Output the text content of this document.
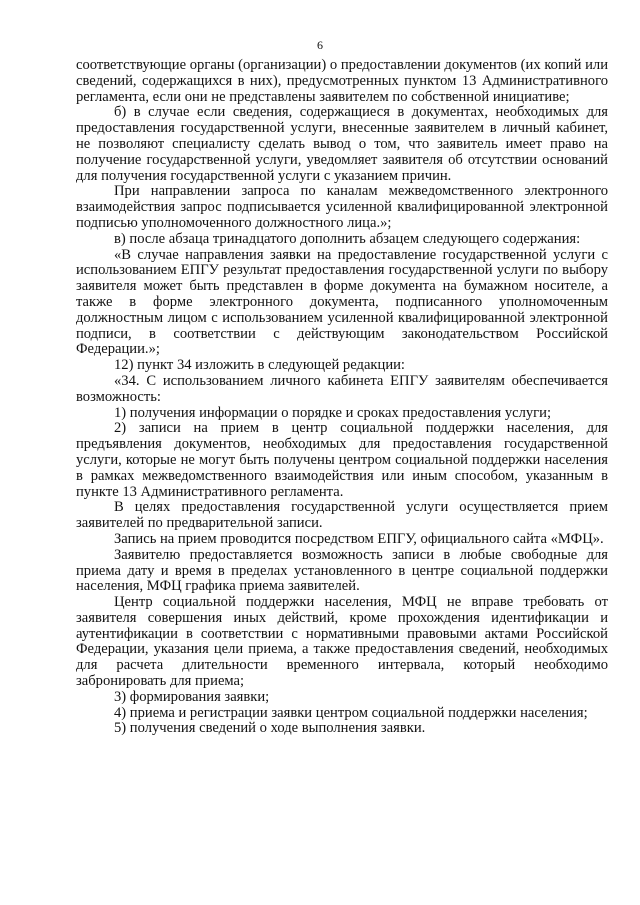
6

соответствующие органы (организации) о предоставлении документов (их копий или сведений, содержащихся в них), предусмотренных пунктом 13 Административного регламента, если они не представлены заявителем по собственной инициативе;

б) в случае если сведения, содержащиеся в документах, необходимых для предоставления государственной услуги, внесенные заявителем в личный кабинет, не позволяют специалисту сделать вывод о том, что заявитель имеет право на получение государственной услуги, уведомляет заявителя об отсутствии оснований для получения государственной услуги с указанием причин.

При направлении запроса по каналам межведомственного электронного взаимодействия запрос подписывается усиленной квалифицированной электронной подписью уполномоченного должностного лица.»;

в) после абзаца тринадцатого дополнить абзацем следующего содержания:

«В случае направления заявки на предоставление государственной услуги с использованием ЕПГУ результат предоставления государственной услуги по выбору заявителя может быть представлен в форме документа на бумажном носителе, а также в форме электронного документа, подписанного уполномоченным должностным лицом с использованием усиленной квалифицированной электронной подписи, в соответствии с действующим законодательством Российской Федерации.»;

12) пункт 34 изложить в следующей редакции:

«34. С использованием личного кабинета ЕПГУ заявителям обеспечивается возможность:

1) получения информации о порядке и сроках предоставления услуги;

2) записи на прием в центр социальной поддержки населения, для предъявления документов, необходимых для предоставления государственной услуги, которые не могут быть получены центром социальной поддержки населения в рамках межведомственного взаимодействия или иным способом, указанным в пункте 13 Административного регламента.

В целях предоставления государственной услуги осуществляется прием заявителей по предварительной записи.

Запись на прием проводится посредством ЕПГУ, официального сайта «МФЦ».

Заявителю предоставляется возможность записи в любые свободные для приема дату и время в пределах установленного в центре социальной поддержки населения, МФЦ графика приема заявителей.

Центр социальной поддержки населения, МФЦ не вправе требовать от заявителя совершения иных действий, кроме прохождения идентификации и аутентификации в соответствии с нормативными правовыми актами Российской Федерации, указания цели приема, а также предоставления сведений, необходимых для расчета длительности временного интервала, который необходимо забронировать для приема;

3) формирования заявки;

4) приема и регистрации заявки центром социальной поддержки населения;

5) получения сведений о ходе выполнения заявки.
